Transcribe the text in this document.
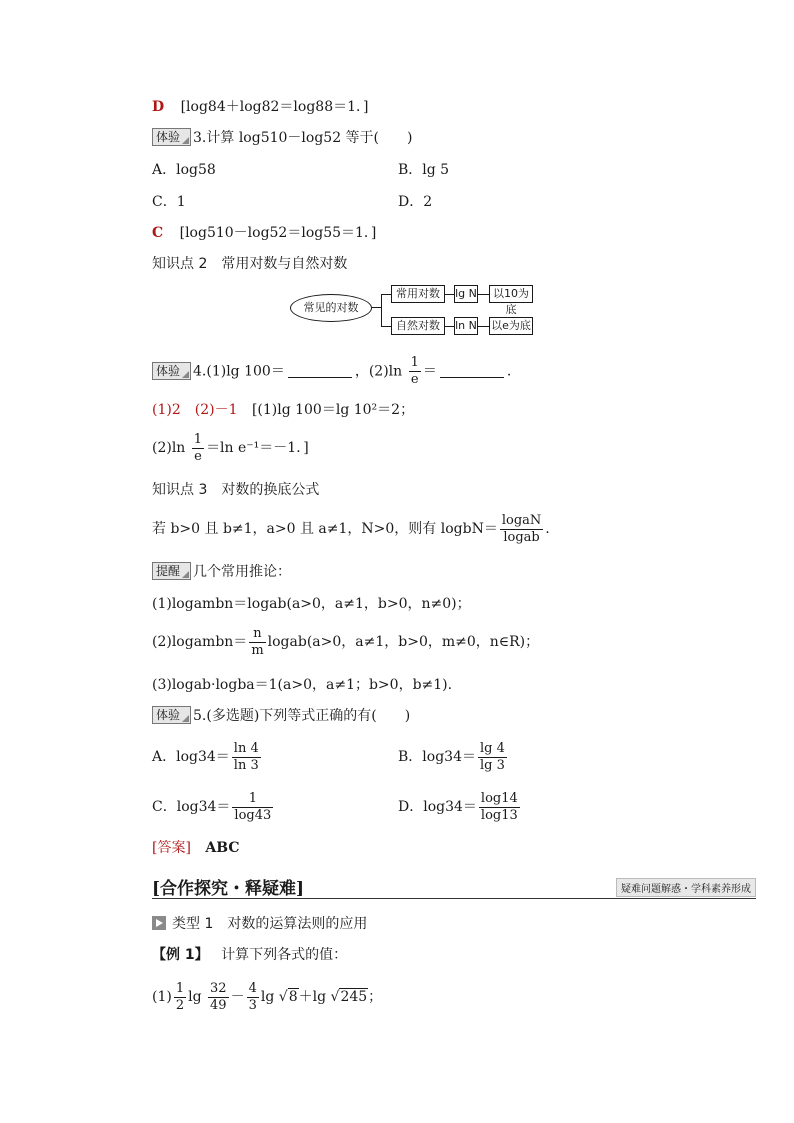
D [log84＋log82＝log88＝1．]
体验 3.计算 log510－log52 等于(　　)
A．log58	B．lg 5
C．1	D．2
C [log510－log52＝log55＝1．]
知识点 2　常用对数与自然对数
常见的对数
常用对数	lg N	以10为底
自然对数	ln N 以e为底
体验 4.(1)lg 100＝	，$(2)\ln \frac{1}{e}$ ＝	.
(1)2　(2)－1 [(1)lg 100＝lg 10²＝2；
$(2)\ln \frac{1}{e} =\ln$ e⁻¹＝－1．]
知识点 3　对数的换底公式
若 b>0 且 b≠1，a>0 且 a≠1，N>0，则有 logbN＝ $\frac{\text{logaN}}{\text{logab}}$ .
提醒 几个常用推论：
(1)logambn＝logab(a>0，a≠1，b>0，n≠0)；
(2)logambn＝ $\frac{n}{m}$ logab(a>0，a≠1，b>0，m≠0，n∈R)；
(3)logab·logba＝1(a>0，a≠1；b>0，b≠1).
体验 5.(多选题)下列等式正确的有(　　)
A．$\log 34= \frac{\ln 4}{\ln 3}$	B．$\log 34= \frac{\lg 4}{\lg 3}$
C．$\log 34= \frac{1}{\log 43}$	D．$\log 34= \frac{\log 14}{\log 13}$
[答案] ABC
[合作探究・释疑难]	疑难问题解惑・学科素养形成
类型 1　对数的运算法则的应用
【例 1】 计算下列各式的值：
$(1) \frac{1}{2}$ $\lg \frac{32}{49} - \frac{4}{3}$ lg √8＋lg √245；
